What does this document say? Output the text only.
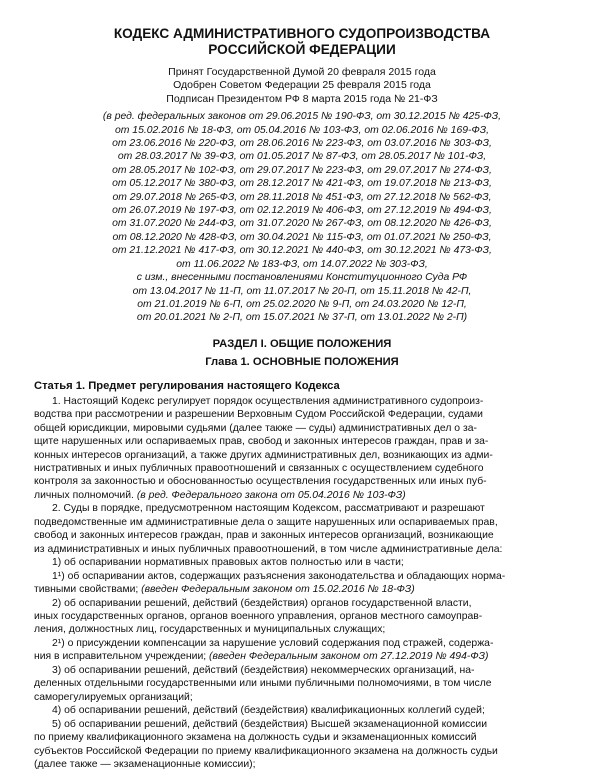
КОДЕКС АДМИНИСТРАТИВНОГО СУДОПРОИЗВОДСТВА

РОССИЙСКОЙ ФЕДЕРАЦИИ

Принят Государственной Думой 20 февраля 2015 года

Одобрен Советом Федерации 25 февраля 2015 года

Подписан Президентом РФ 8 марта 2015 года № 21-ФЗ

(в ред. федеральных законов от 29.06.2015 № 190-ФЗ, от 30.12.2015 № 425-ФЗ,
от 15.02.2016 № 18-ФЗ, от 05.04.2016 № 103-ФЗ, от 02.06.2016 № 169-ФЗ,
от 23.06.2016 № 220-ФЗ, от 28.06.2016 № 223-ФЗ, от 03.07.2016 № 303-ФЗ,
от 28.03.2017 № 39-ФЗ, от 01.05.2017 № 87-ФЗ, от 28.05.2017 № 101-ФЗ,
от 28.05.2017 № 102-ФЗ, от 29.07.2017 № 223-ФЗ, от 29.07.2017 № 274-ФЗ,
от 05.12.2017 № 380-ФЗ, от 28.12.2017 № 421-ФЗ, от 19.07.2018 № 213-ФЗ,
от 29.07.2018 № 265-ФЗ, от 28.11.2018 № 451-ФЗ, от 27.12.2018 № 562-ФЗ,
от 26.07.2019 № 197-ФЗ, от 02.12.2019 № 406-ФЗ, от 27.12.2019 № 494-ФЗ,
от 31.07.2020 № 244-ФЗ, от 31.07.2020 № 267-ФЗ, от 08.12.2020 № 426-ФЗ,
от 08.12.2020 № 428-ФЗ, от 30.04.2021 № 115-ФЗ, от 01.07.2021 № 250-ФЗ,
от 21.12.2021 № 417-ФЗ, от 30.12.2021 № 440-ФЗ, от 30.12.2021 № 473-ФЗ,
от 11.06.2022 № 183-ФЗ, от 14.07.2022 № 303-ФЗ,
с изм., внесенными постановлениями Конституционного Суда РФ
от 13.04.2017 № 11-П, от 11.07.2017 № 20-П, от 15.11.2018 № 42-П,
от 21.01.2019 № 6-П, от 25.02.2020 № 9-П, от 24.03.2020 № 12-П,
от 20.01.2021 № 2-П, от 15.07.2021 № 37-П, от 13.01.2022 № 2-П)

РАЗДЕЛ I. ОБЩИЕ ПОЛОЖЕНИЯ

Глава 1. ОСНОВНЫЕ ПОЛОЖЕНИЯ

Статья 1. Предмет регулирования настоящего Кодекса

1. Настоящий Кодекс регулирует порядок осуществления административного судопроиз-
водства при рассмотрении и разрешении Верховным Судом Российской Федерации, судами
общей юрисдикции, мировыми судьями (далее также — суды) административных дел о за-
щите нарушенных или оспариваемых прав, свобод и законных интересов граждан, прав и за-
конных интересов организаций, а также других административных дел, возникающих из адми-
нистративных и иных публичных правоотношений и связанных с осуществлением судебного
контроля за законностью и обоснованностью осуществления государственных или иных пуб-
личных полномочий. (в ред. Федерального закона от 05.04.2016 № 103-ФЗ)
2. Суды в порядке, предусмотренном настоящим Кодексом, рассматривают и разрешают
подведомственные им административные дела о защите нарушенных или оспариваемых прав,
свобод и законных интересов граждан, прав и законных интересов организаций, возникающие
из административных и иных публичных правоотношений, в том числе административные дела:
1) об оспаривании нормативных правовых актов полностью или в части;
1¹) об оспаривании актов, содержащих разъяснения законодательства и обладающих норма-
тивными свойствами; (введен Федеральным законом от 15.02.2016 № 18-ФЗ)
2) об оспаривании решений, действий (бездействия) органов государственной власти,
иных государственных органов, органов военного управления, органов местного самоуправ-
ления, должностных лиц, государственных и муниципальных служащих;
2¹) о присуждении компенсации за нарушение условий содержания под стражей, содержа-
ния в исправительном учреждении; (введен Федеральным законом от 27.12.2019 № 494-ФЗ)
3) об оспаривании решений, действий (бездействия) некоммерческих организаций, на-
деленных отдельными государственными или иными публичными полномочиями, в том числе
саморегулируемых организаций;
4) об оспаривании решений, действий (бездействия) квалификационных коллегий судей;
5) об оспаривании решений, действий (бездействия) Высшей экзаменационной комиссии
по приему квалификационного экзамена на должность судьи и экзаменационных комиссий
субъектов Российской Федерации по приему квалификационного экзамена на должность судьи
(далее также — экзаменационные комиссии);
